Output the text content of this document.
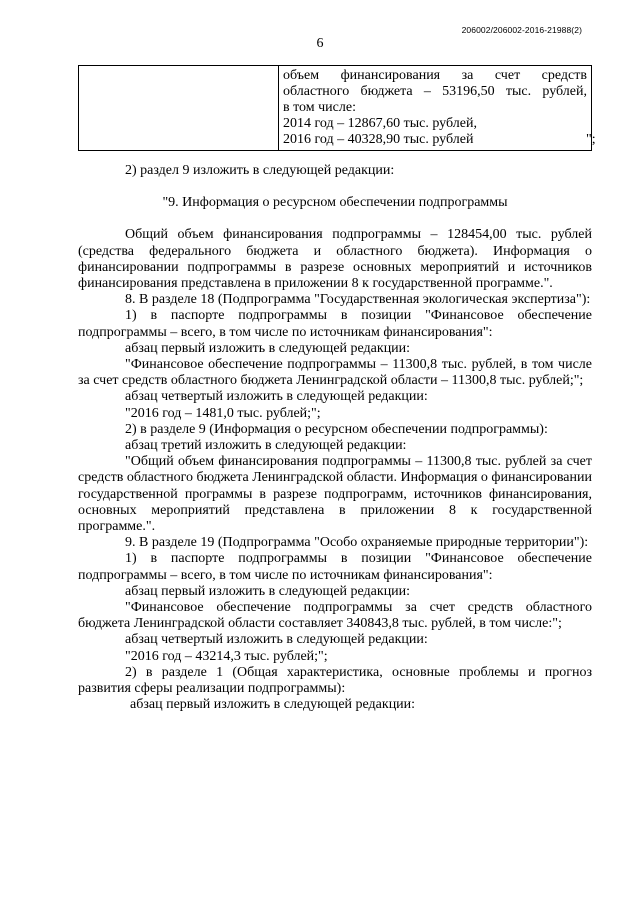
206002/206002-2016-21988(2)
6

объем финансирования за счет средств
областного бюджета – 53196,50 тыс. рублей,
в том числе:
2014 год – 12867,60 тыс. рублей,
2016 год – 40328,90 тыс. рублей	";

2) раздел 9 изложить в следующей редакции:

"9. Информация о ресурсном обеспечении подпрограммы

Общий объем финансирования подпрограммы – 128454,00 тыс. рублей (средства федерального бюджета и областного бюджета). Информация о финансировании подпрограммы в разрезе основных мероприятий и источников финансирования представлена в приложении 8 к государственной программе.".

8. В разделе 18 (Подпрограмма "Государственная экологическая экспертиза"):

1) в паспорте подпрограммы в позиции "Финансовое обеспечение подпрограммы – всего, в том числе по источникам финансирования":

абзац первый изложить в следующей редакции:

"Финансовое обеспечение подпрограммы – 11300,8 тыс. рублей, в том числе за счет средств областного бюджета Ленинградской области – 11300,8 тыс. рублей;";

абзац четвертый изложить в следующей редакции:

"2016 год – 1481,0 тыс. рублей;";

2) в разделе 9 (Информация о ресурсном обеспечении подпрограммы):

абзац третий изложить в следующей редакции:

"Общий объем финансирования подпрограммы – 11300,8 тыс. рублей за счет средств областного бюджета Ленинградской области. Информация о финансировании государственной программы в разрезе подпрограмм, источников финансирования, основных мероприятий представлена в приложении 8 к государственной программе.".

9. В разделе 19 (Подпрограмма "Особо охраняемые природные территории"):

1) в паспорте подпрограммы в позиции "Финансовое обеспечение подпрограммы – всего, в том числе по источникам финансирования":

абзац первый изложить в следующей редакции:

"Финансовое обеспечение подпрограммы за счет средств областного бюджета Ленинградской области составляет 340843,8 тыс. рублей, в том числе:";

абзац четвертый изложить в следующей редакции:

"2016 год – 43214,3 тыс. рублей;";

2) в разделе 1 (Общая характеристика, основные проблемы и прогноз развития сферы реализации подпрограммы):

абзац первый изложить в следующей редакции:
